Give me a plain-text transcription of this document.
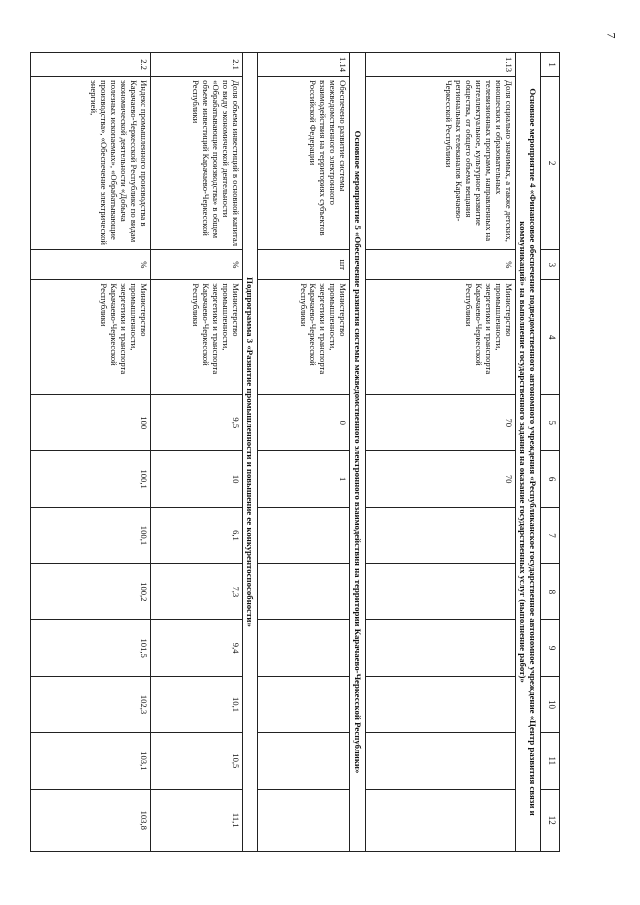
7
1	2	3	4	5	6	7	8	9	10	11	12
Основное мероприятие 4 «Финансовое обеспечение подведомственного автономного учреждения «Республиканское государственное автономное учреждение «Центр развития связи и коммуникаций» на выполнение государственного задания на оказание государственных услуг (выполнение работ)»											
1.13	Доля социально значимых, а также детских, юношеских и образовательных телевизионных программ, направленных на интеллектуальное, культурное развитие общества, от общего объема вещания региональных телеканалов Карачаево-Черкесской Республики	%	Министерство промышленности, энергетики и транспорта Карачаево-Черкесской Республики	70	70						
Основное мероприятие 5 «Обеспечение развития системы межведомственного электронного взаимодействия на территории Карачаево-Черкесской Республики»											
1.14	Обеспечено развитие системы межведомственного электронного взаимодействия на территориях субъектов Российской Федерации	шт	Министерство промышленности, энергетики и транспорта Карачаево-Черкесской Республики	0	1						
Подпрограмма 3 «Развитие промышленности и повышение ее конкурентоспособности»											
2.1	Доля объема инвестиций в основной капитал по виду экономической деятельности «Обрабатывающие производства» в общем объеме инвестиций Карачаево-Черкесской Республики	%	Министерство промышленности, энергетики и транспорта Карачаево-Черкесской Республики	9,5	10	6,1	7,3	9,4	10,1	10,5	11,1
2.2	Индекс промышленного производства в Карачаево-Черкесской Республике по видам экономической деятельности «Добыча полезных ископаемых», «Обрабатывающие производства», «Обеспечение электрической энергией,	%	Министерство промышленности, энергетики и транспорта Карачаево-Черкесской Республики	100	100,1	100,1	100,2	101,5	102,3	103,1	103,8
